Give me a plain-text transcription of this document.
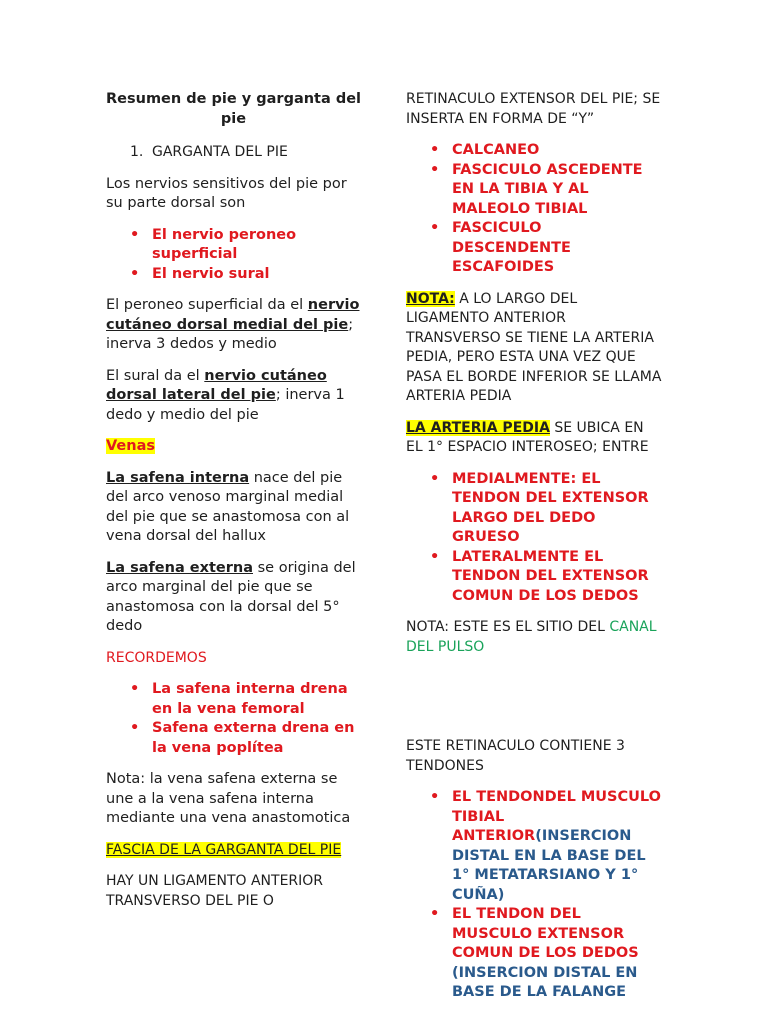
Resumen de pie y garganta del pie

1. GARGANTA DEL PIE

Los nervios sensitivos del pie por su parte dorsal son

• El nervio peroneo superficial
• El nervio sural

El peroneo superficial da el nervio cutáneo dorsal medial del pie; inerva 3 dedos y medio

El sural da el nervio cutáneo dorsal lateral del pie; inerva 1 dedo y medio del pie

Venas

La safena interna nace del pie del arco venoso marginal medial del pie que se anastomosa con al vena dorsal del hallux

La safena externa se origina del arco marginal del pie que se anastomosa con la dorsal del 5° dedo

RECORDEMOS

• La safena interna drena en la vena femoral
• Safena externa drena en la vena poplítea

Nota: la vena safena externa se une a la vena safena interna mediante una vena anastomotica

FASCIA DE LA GARGANTA DEL PIE

HAY UN LIGAMENTO ANTERIOR TRANSVERSO DEL PIE O

RETINACULO EXTENSOR DEL PIE; SE INSERTA EN FORMA DE “Y”

• CALCANEO
• FASCICULO ASCEDENTE EN LA TIBIA Y AL MALEOLO TIBIAL
• FASCICULO DESCENDENTE ESCAFOIDES

NOTA: A LO LARGO DEL LIGAMENTO ANTERIOR TRANSVERSO SE TIENE LA ARTERIA PEDIA, PERO ESTA UNA VEZ QUE PASA EL BORDE INFERIOR SE LLAMA ARTERIA PEDIA

LA ARTERIA PEDIA SE UBICA EN EL 1° ESPACIO INTEROSEO; ENTRE

• MEDIALMENTE: EL TENDON DEL EXTENSOR LARGO DEL DEDO GRUESO
• LATERALMENTE EL TENDON DEL EXTENSOR COMUN DE LOS DEDOS

NOTA: ESTE ES EL SITIO DEL CANAL DEL PULSO

ESTE RETINACULO CONTIENE 3 TENDONES

• EL TENDONDEL MUSCULO TIBIAL ANTERIOR(INSERCION DISTAL EN LA BASE DEL 1° METATARSIANO Y 1° CUÑA)
• EL TENDON DEL MUSCULO EXTENSOR COMUN DE LOS DEDOS (INSERCION DISTAL EN BASE DE LA FALANGE
